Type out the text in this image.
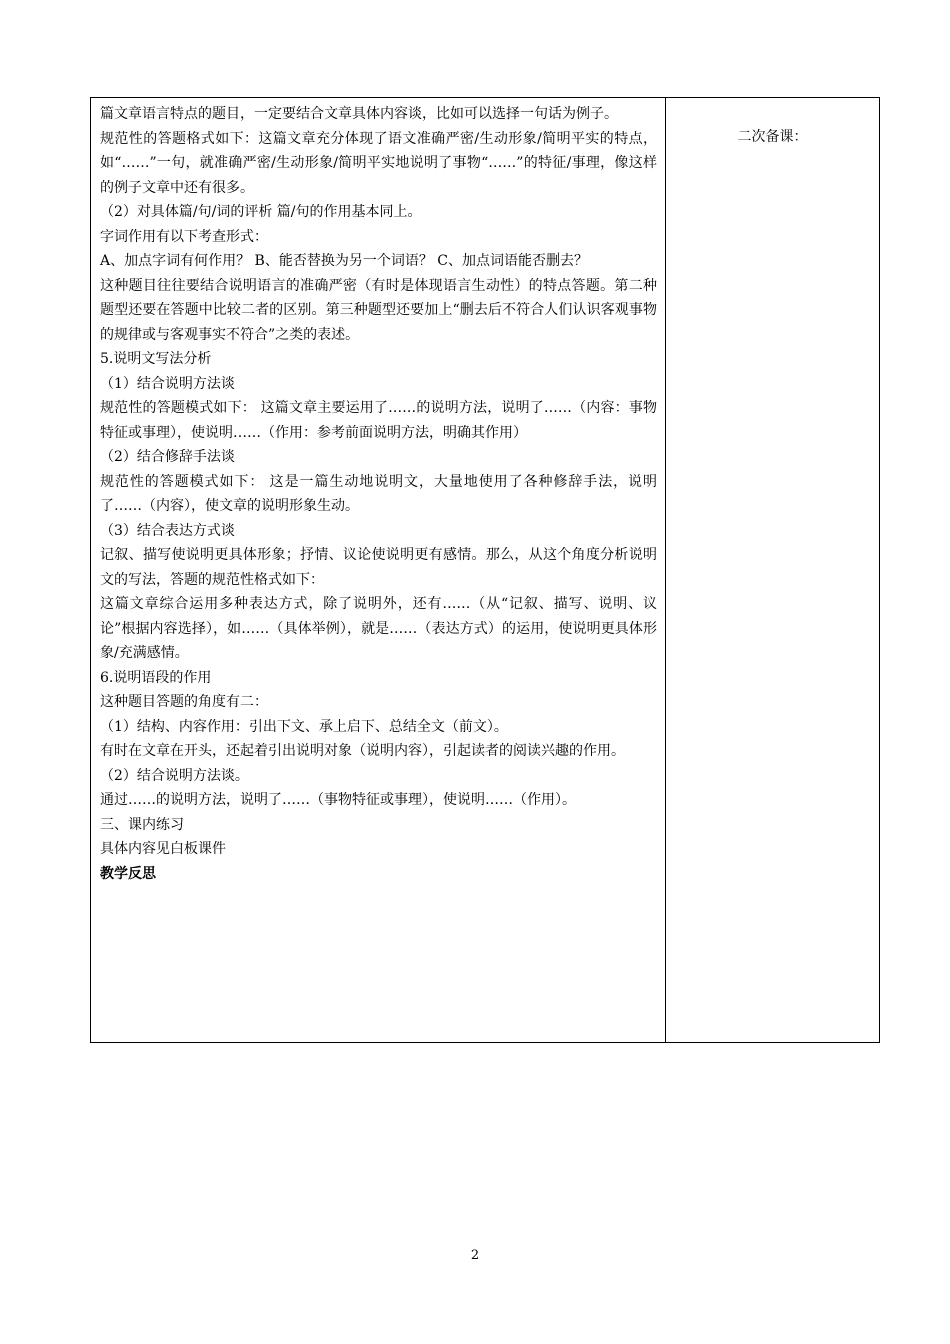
篇文章语言特点的题目，一定要结合文章具体内容谈，比如可以选择一句话为例子。

规范性的答题格式如下：这篇文章充分体现了语文准确严密/生动形象/简明平实的特点，如“……”一句，就准确严密/生动形象/简明平实地说明了事物“……”的特征/事理，像这样的例子文章中还有很多。

（2）对具体篇/句/词的评析 篇/句的作用基本同上。

字词作用有以下考查形式：

A、加点字词有何作用？ B、能否替换为另一个词语？ C、加点词语能否删去？

这种题目往往要结合说明语言的准确严密（有时是体现语言生动性）的特点答题。第二种题型还要在答题中比较二者的区别。第三种题型还要加上“删去后不符合人们认识客观事物的规律或与客观事实不符合”之类的表述。

5.说明文写法分析

（1）结合说明方法谈

规范性的答题模式如下： 这篇文章主要运用了……的说明方法，说明了……（内容：事物特征或事理），使说明……（作用：参考前面说明方法，明确其作用）

（2）结合修辞手法谈

规范性的答题模式如下： 这是一篇生动地说明文，大量地使用了各种修辞手法，说明了……（内容），使文章的说明形象生动。

（3）结合表达方式谈

记叙、描写使说明更具体形象；抒情、议论使说明更有感情。那么，从这个角度分析说明文的写法，答题的规范性格式如下：

这篇文章综合运用多种表达方式，除了说明外，还有……（从“记叙、描写、说明、议论”根据内容选择），如……（具体举例），就是……（表达方式）的运用，使说明更具体形象/充满感情。

6.说明语段的作用

这种题目答题的角度有二：

（1）结构、内容作用：引出下文、承上启下、总结全文（前文）。

有时在文章在开头，还起着引出说明对象（说明内容），引起读者的阅读兴趣的作用。

（2）结合说明方法谈。

通过……的说明方法，说明了……（事物特征或事理），使说明……（作用）。

三、课内练习

具体内容见白板课件

教学反思

二次备课：
2
